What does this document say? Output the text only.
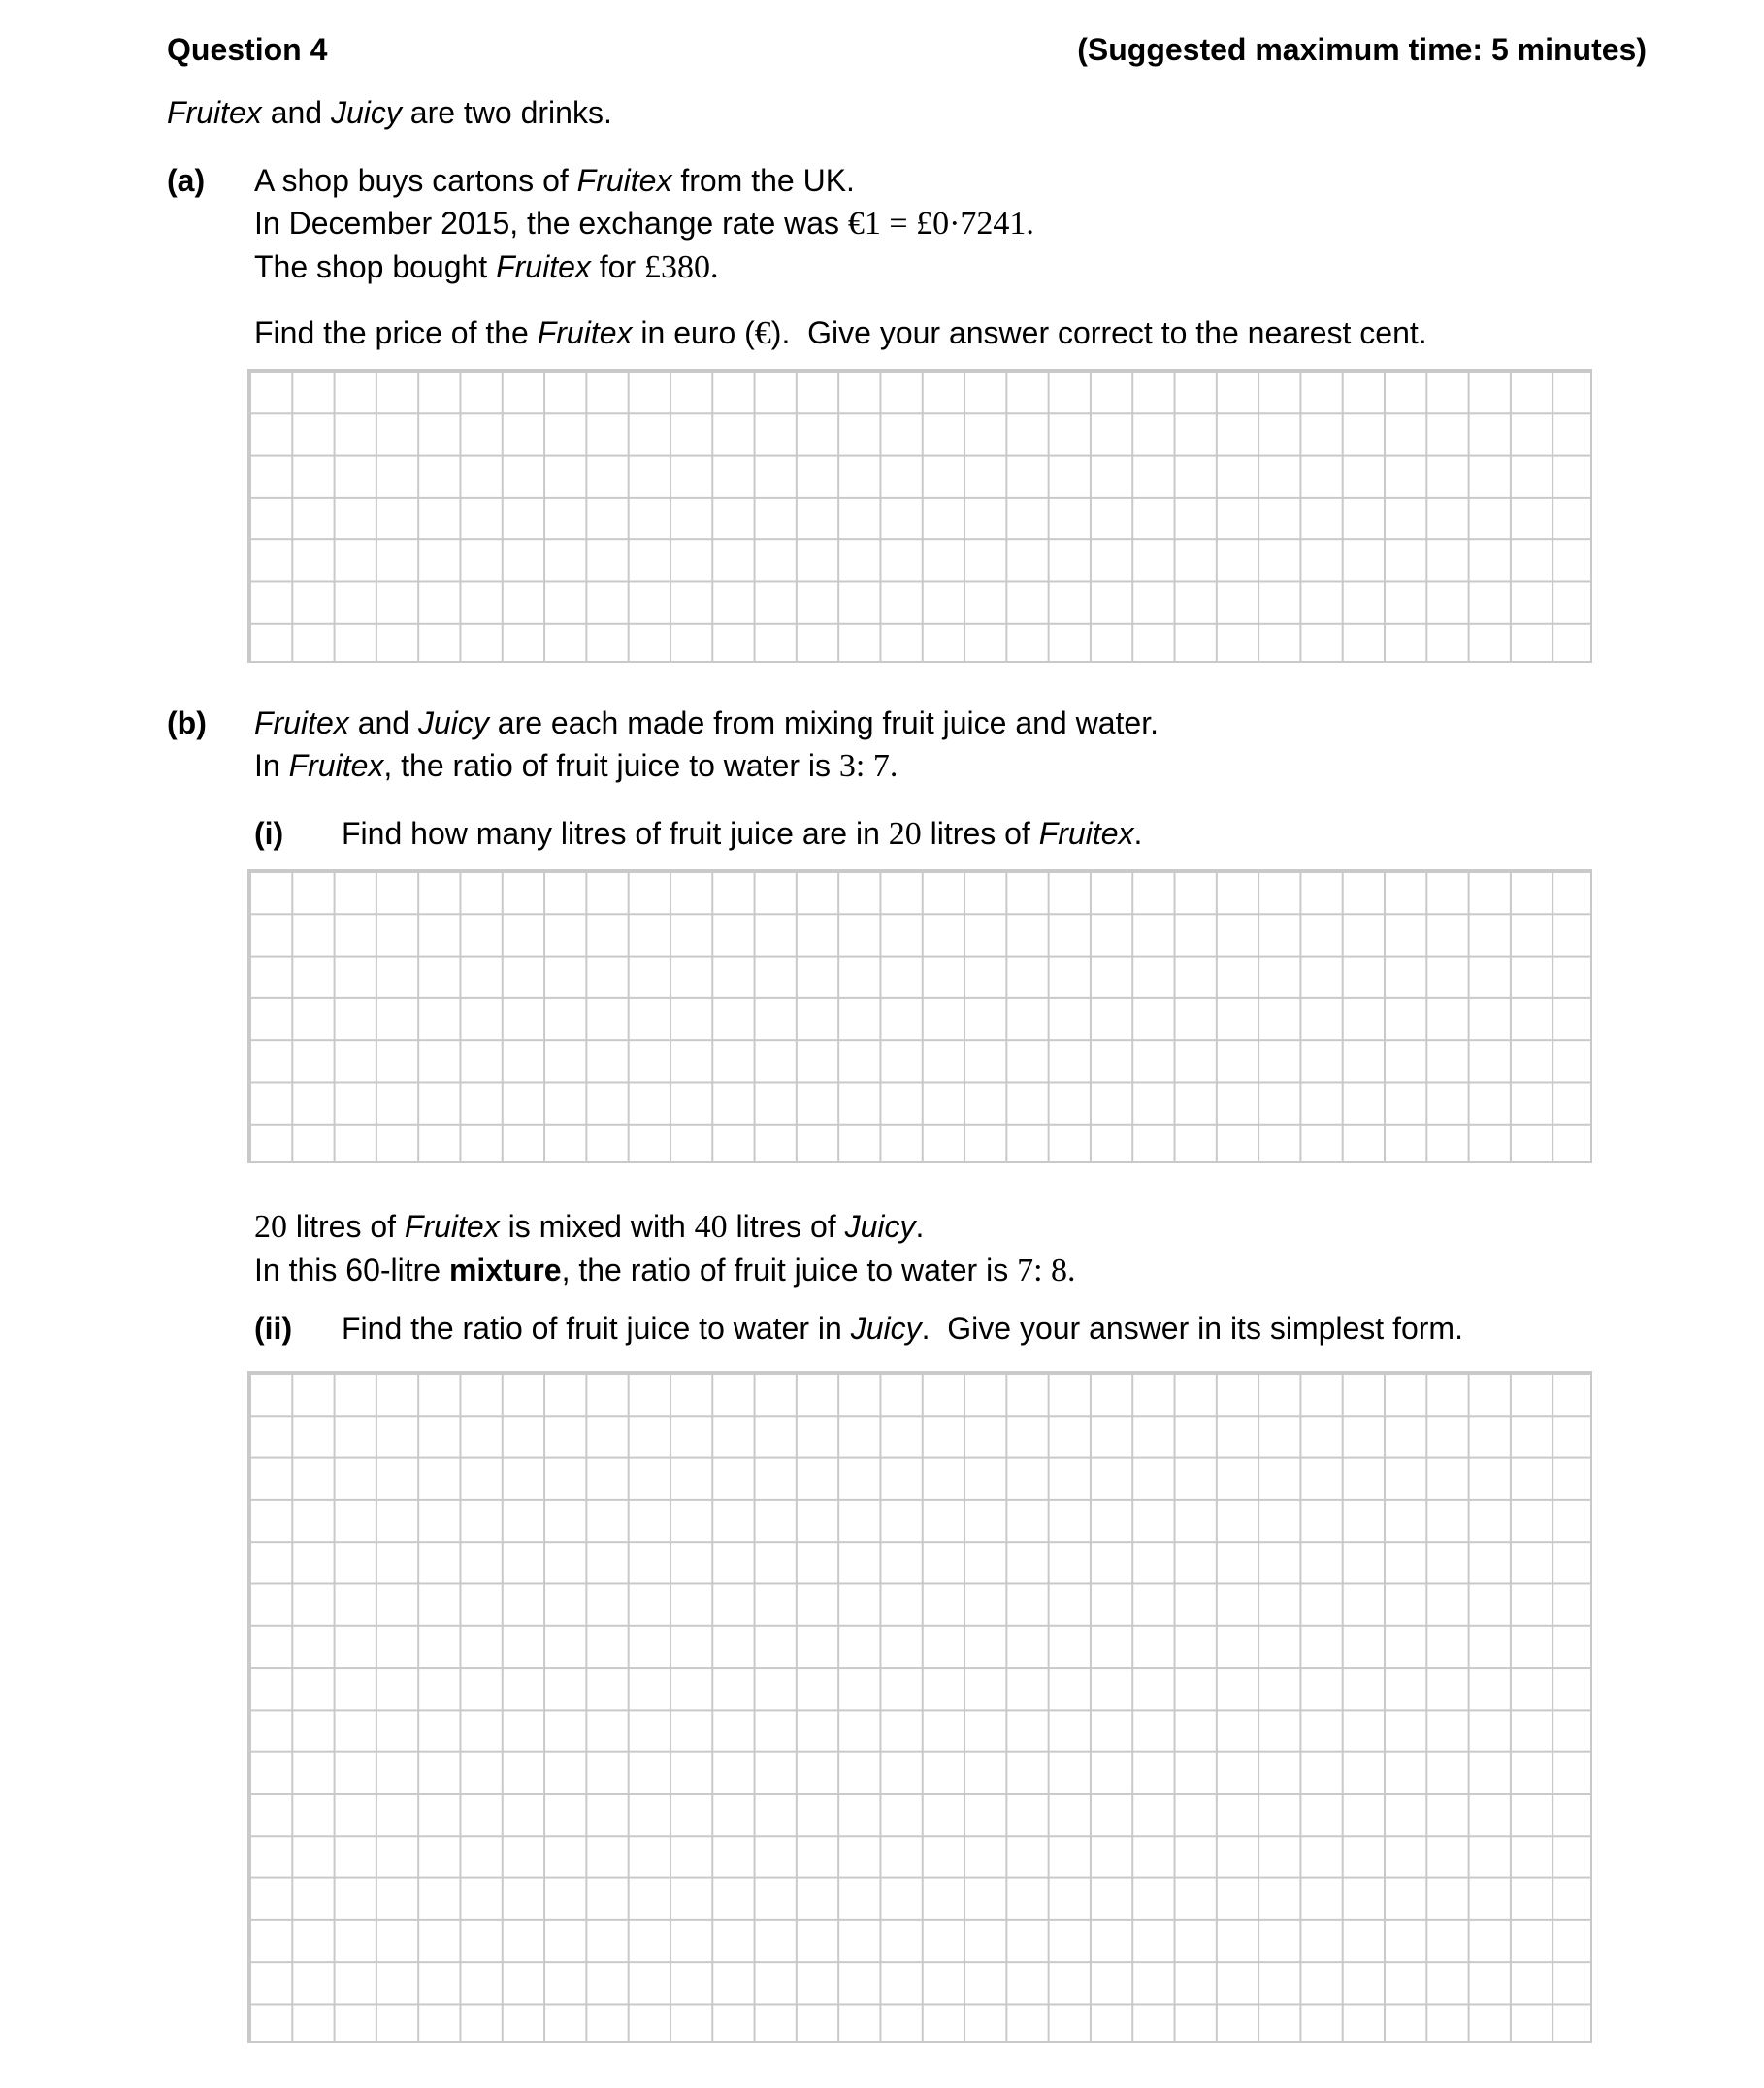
Question 4	(Suggested maximum time: 5 minutes)

Fruitex and Juicy are two drinks.

(a)	A shop buys cartons of Fruitex from the UK.

In December 2015, the exchange rate was €1 = £0·7241.

The shop bought Fruitex for £380.

Find the price of the Fruitex in euro (€).  Give your answer correct to the nearest cent.

(b)	Fruitex and Juicy are each made from mixing fruit juice and water.

In Fruitex, the ratio of fruit juice to water is 3: 7.

(i)	Find how many litres of fruit juice are in 20 litres of Fruitex.

20 litres of Fruitex is mixed with 40 litres of Juicy.

In this 60-litre mixture, the ratio of fruit juice to water is 7: 8.

(ii)	Find the ratio of fruit juice to water in Juicy.  Give your answer in its simplest form.
